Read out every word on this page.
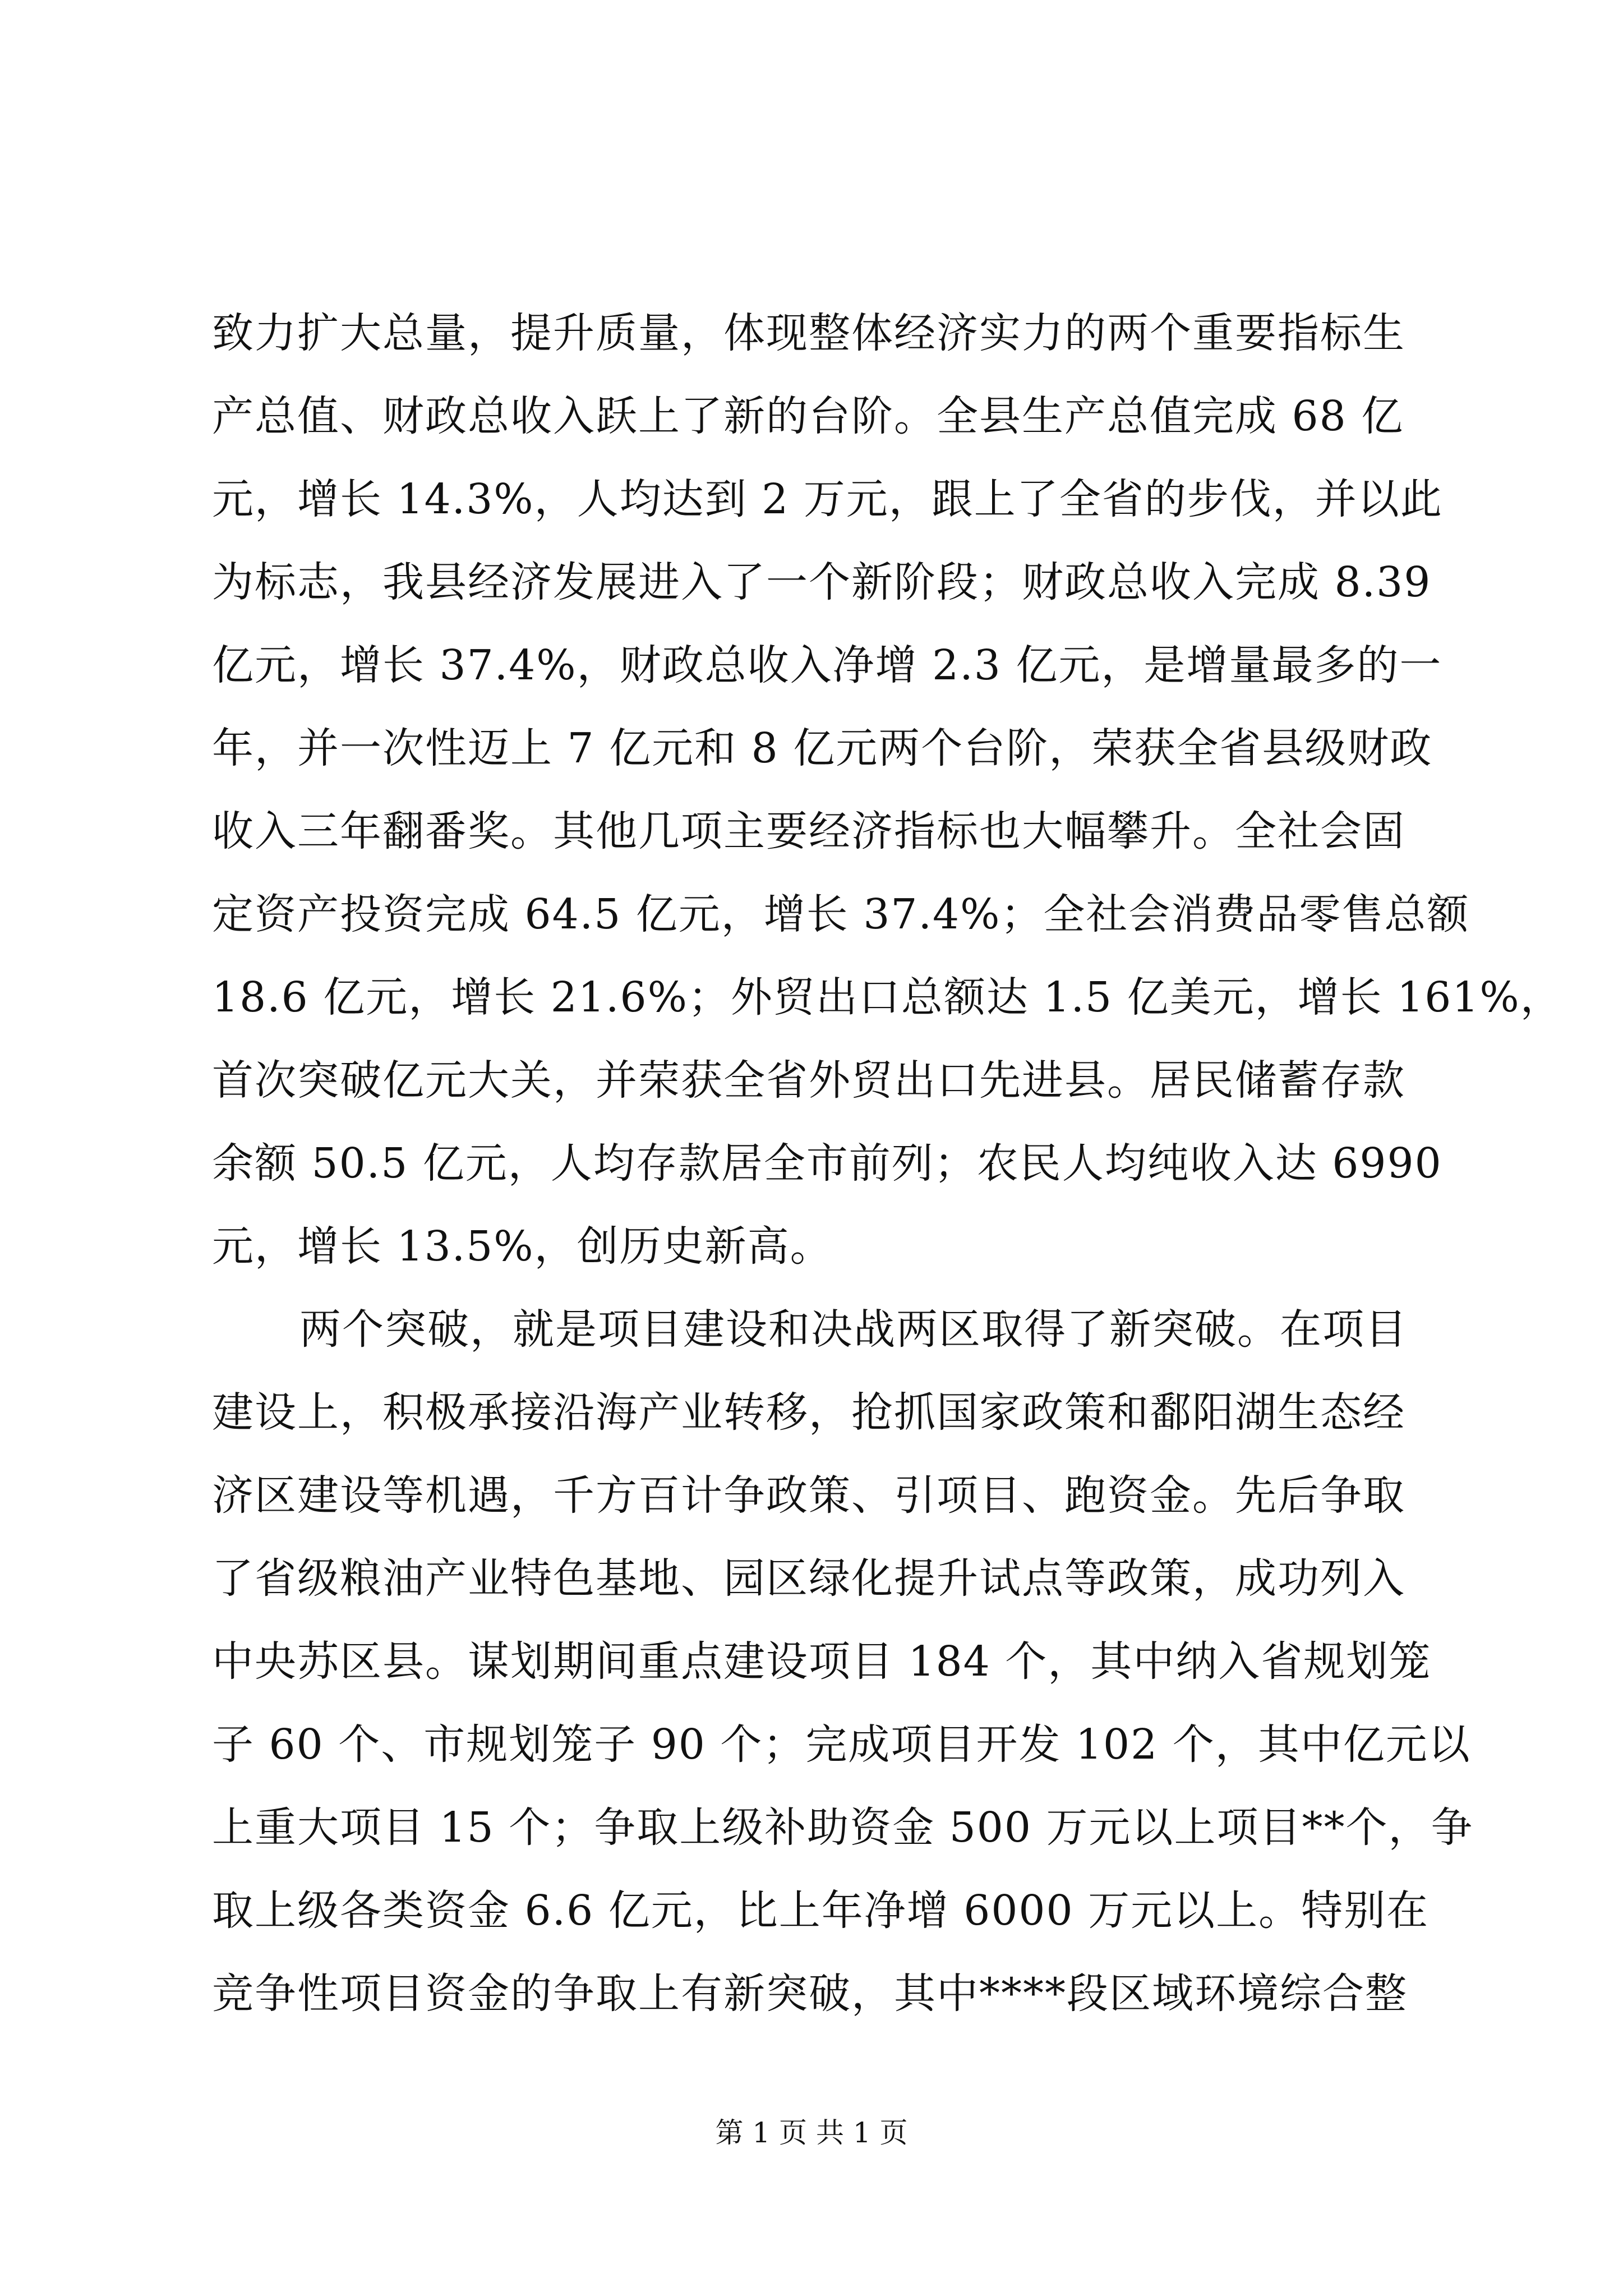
致力扩大总量，提升质量，体现整体经济实力的两个重要指标生
产总值、财政总收入跃上了新的台阶。全县生产总值完成 68 亿
元，增长 14.3%，人均达到 2 万元，跟上了全省的步伐，并以此
为标志，我县经济发展进入了一个新阶段；财政总收入完成 8.39
亿元，增长 37.4%，财政总收入净增 2.3 亿元，是增量最多的一
年，并一次性迈上 7 亿元和 8 亿元两个台阶，荣获全省县级财政
收入三年翻番奖。其他几项主要经济指标也大幅攀升。全社会固
定资产投资完成 64.5 亿元，增长 37.4%；全社会消费品零售总额
18.6 亿元，增长 21.6%；外贸出口总额达 1.5 亿美元，增长 161%，
首次突破亿元大关，并荣获全省外贸出口先进县。居民储蓄存款
余额 50.5 亿元，人均存款居全市前列；农民人均纯收入达 6990
元，增长 13.5%，创历史新高。
两个突破，就是项目建设和决战两区取得了新突破。在项目
建设上，积极承接沿海产业转移，抢抓国家政策和鄱阳湖生态经
济区建设等机遇，千方百计争政策、引项目、跑资金。先后争取
了省级粮油产业特色基地、园区绿化提升试点等政策，成功列入
中央苏区县。谋划期间重点建设项目 184 个，其中纳入省规划笼
子 60 个、市规划笼子 90 个；完成项目开发 102 个，其中亿元以
上重大项目 15 个；争取上级补助资金 500 万元以上项目**个，争
取上级各类资金 6.6 亿元，比上年净增 6000 万元以上。特别在
竞争性项目资金的争取上有新突破，其中****段区域环境综合整
第 1 页 共 1 页
